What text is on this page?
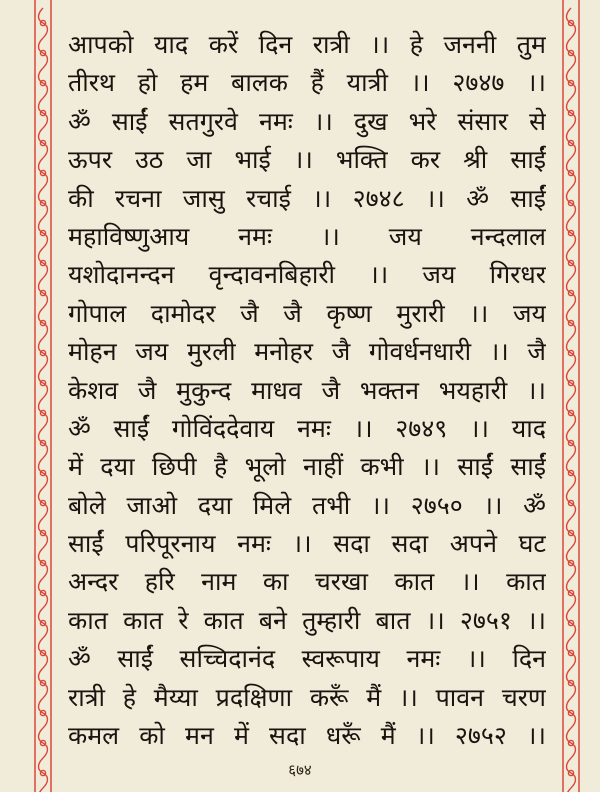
आपको याद करें दिन रात्री ।। हे जननी तुम
तीरथ हो हम बालक हैं यात्री ।। २७४७ ।।
ॐ साईं सतगुरवे नमः ।। दुख भरे संसार से
ऊपर उठ जा भाई ।। भक्ति कर श्री साईं
की रचना जासु रचाई ।। २७४८ ।। ॐ साईं
महाविष्णुआय नमः ।। जय नन्दलाल
यशोदानन्दन वृन्दावनबिहारी ।। जय गिरधर
गोपाल दामोदर जै जै कृष्ण मुरारी ।। जय
मोहन जय मुरली मनोहर जै गोवर्धनधारी ।। जै
केशव जै मुकुन्द माधव जै भक्तन भयहारी ।।
ॐ साईं गोविंददेवाय नमः ।। २७४९ ।। याद
में दया छिपी है भूलो नाहीं कभी ।। साईं साईं
बोले जाओ दया मिले तभी ।। २७५० ।। ॐ
साईं परिपूरनाय नमः ।। सदा सदा अपने घट
अन्दर हरि नाम का चरखा कात ।। कात
कात कात रे कात बने तुम्हारी बात ।। २७५१ ।।
ॐ साईं सच्चिदानंद स्वरूपाय नमः ।। दिन
रात्री हे मैय्या प्रदक्षिणा करूँ मैं ।। पावन चरण
कमल को मन में सदा धरूँ मैं ।। २७५२ ।।
६७४
